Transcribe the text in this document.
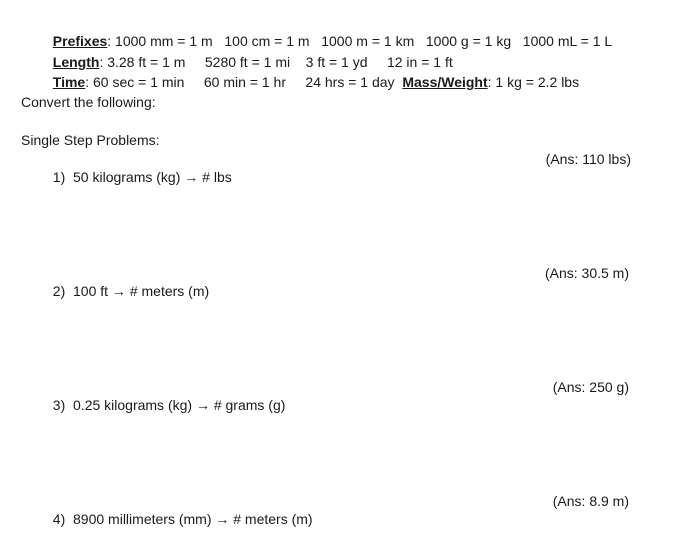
Prefixes: 1000 mm = 1 m   100 cm = 1 m   1000 m = 1 km   1000 g = 1 kg   1000 mL = 1 L

Length: 3.28 ft = 1 m     5280 ft = 1 mi    3 ft = 1 yd     12 in = 1 ft

Time: 60 sec = 1 min     60 min = 1 hr     24 hrs = 1 day  Mass/Weight: 1 kg = 2.2 lbs

Convert the following:
Single Step Problems:

1) 50 kilograms (kg) → # lbs

(Ans: 110 lbs)

2) 100 ft → # meters (m)

(Ans: 30.5 m)

3) 0.25 kilograms (kg) → # grams (g)

(Ans: 250 g)

4) 8900 millimeters (mm) → # meters (m)

(Ans: 8.9 m)
